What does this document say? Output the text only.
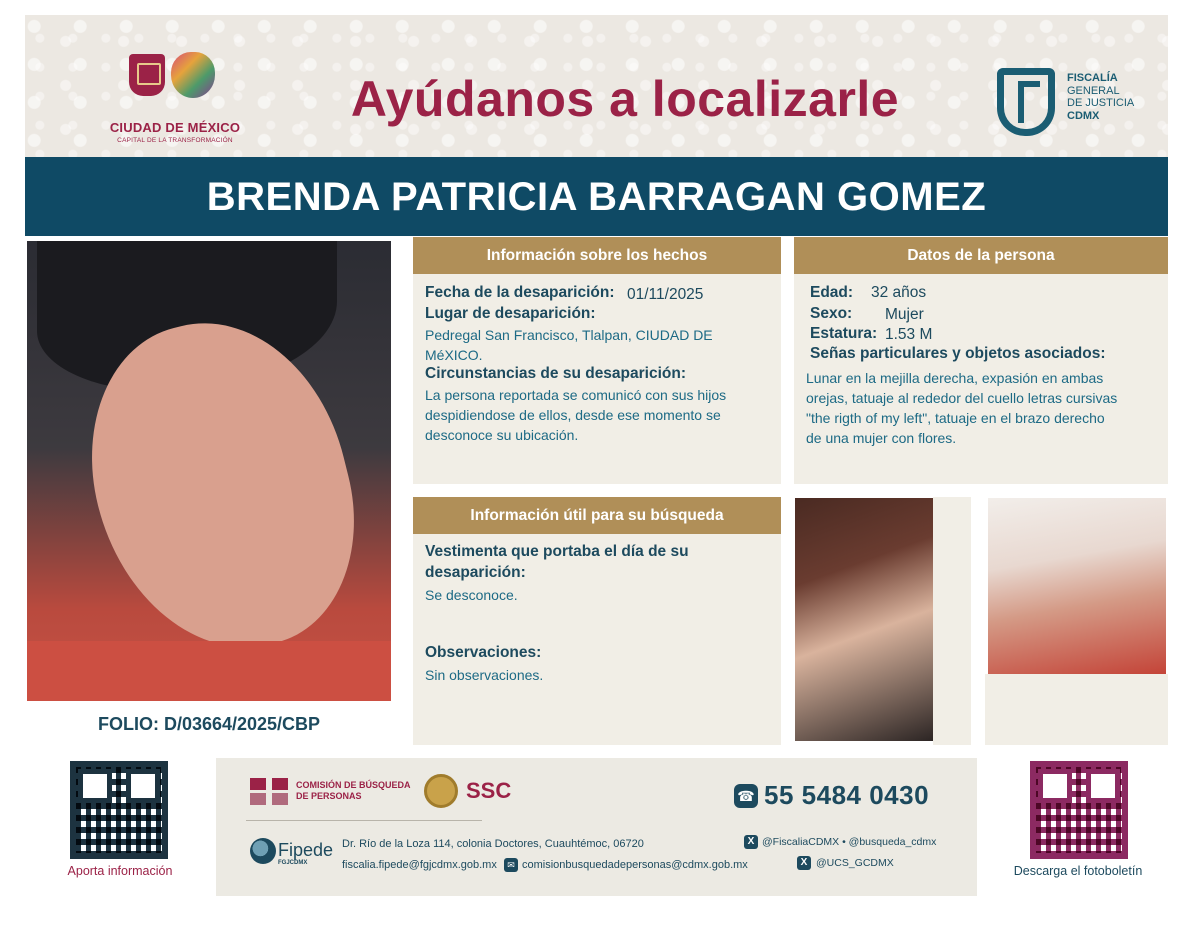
CIUDAD DE MÉXICO
CAPITAL DE LA TRANSFORMACIÓN
Ayúdanos a localizarle	FISCALÍA
GENERAL
DE JUSTICIA
CDMX
BRENDA PATRICIA BARRAGAN GOMEZ
FOLIO: D/03664/2025/CBP
Información sobre los hechos
Fecha de la desaparición: 01/11/2025
Lugar de desaparición:
Pedregal San Francisco, Tlalpan, CIUDAD DE
MéXICO.
Circunstancias de su desaparición:
La persona reportada se comunicó con sus hijos
despidiendose de ellos, desde ese momento se
desconoce su ubicación.
Datos de la persona
Edad: 32 años
Sexo: Mujer
Estatura: 1.53 M
Señas particulares y objetos asociados:
Lunar en la mejilla derecha, expasión en ambas
orejas, tatuaje al rededor del cuello letras cursivas
"the rigth of my left", tatuaje en el brazo derecho
de una mujer con flores.
Información útil para su búsqueda
Vestimenta que portaba el día de su
desaparición:
Se desconoce.
Observaciones:
Sin observaciones.
Aporta información	Descarga el fotoboletín
COMISIÓN DE BÚSQUEDA
DE PERSONAS	SSC	☎ 55 5484 0430
Fipede
FGJCDMX
Dr. Río de la Loza 114, colonia Doctores, Cuauhtémoc, 06720
fiscalia.fipede@fgjcdmx.gob.mx	✉ comisionbusquedadepersonas@cdmx.gob.mx
X @FiscaliaCDMX • @busqueda_cdmx
X @UCS_GCDMX
